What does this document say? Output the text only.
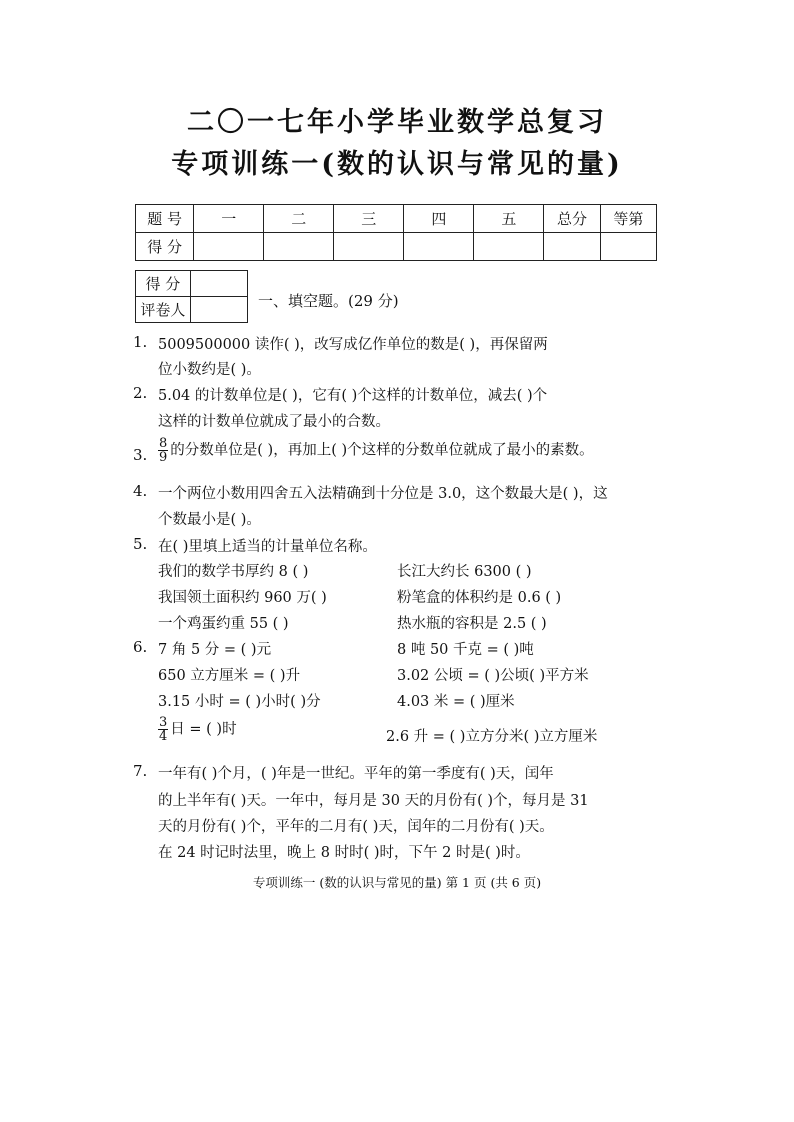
二〇一七年小学毕业数学总复习
专项训练一(数的认识与常见的量)
题 号	一	二	三	四	五	总分	等第
得 分							
得 分	
评卷人		一、填空题。(29 分)
1. 5009500000 读作( )，改写成亿作单位的数是( )，再保留两
位小数约是( )。
2. 5.04 的计数单位是( )，它有( )个这样的计数单位，减去( )个
这样的计数单位就成了最小的合数。
3. $\frac{8}{9}$ 的分数单位是( )，再加上( )个这样的分数单位就成了最小的素数。
4. 一个两位小数用四舍五入法精确到十分位是 3.0，这个数最大是( )，这
个数最小是( )。
5. 在( )里填上适当的计量单位名称。
我们的数学书厚约 8 ( )	长江大约长 6300 ( )
我国领土面积约 960 万( )	粉笔盒的体积约是 0.6 ( )
一个鸡蛋约重 55 ( )	热水瓶的容积是 2.5 ( )
6. 7 角 5 分 = ( )元	8 吨 50 千克 = ( )吨
650 立方厘米 = ( )升	3.02 公顷 = ( )公顷( )平方米
3.15 小时 = ( )小时( )分	4.03 米 = ( )厘米
$\frac{3}{4}$ 日 = ( )时	2.6 升 = ( )立方分米( )立方厘米
7. 一年有( )个月，( )年是一世纪。平年的第一季度有( )天，闰年
的上半年有( )天。一年中，每月是 30 天的月份有( )个，每月是 31
天的月份有( )个，平年的二月有( )天，闰年的二月份有( )天。
在 24 时记时法里，晚上 8 时时( )时，下午 2 时是( )时。
专项训练一 (数的认识与常见的量) 第 1 页 (共 6 页)
